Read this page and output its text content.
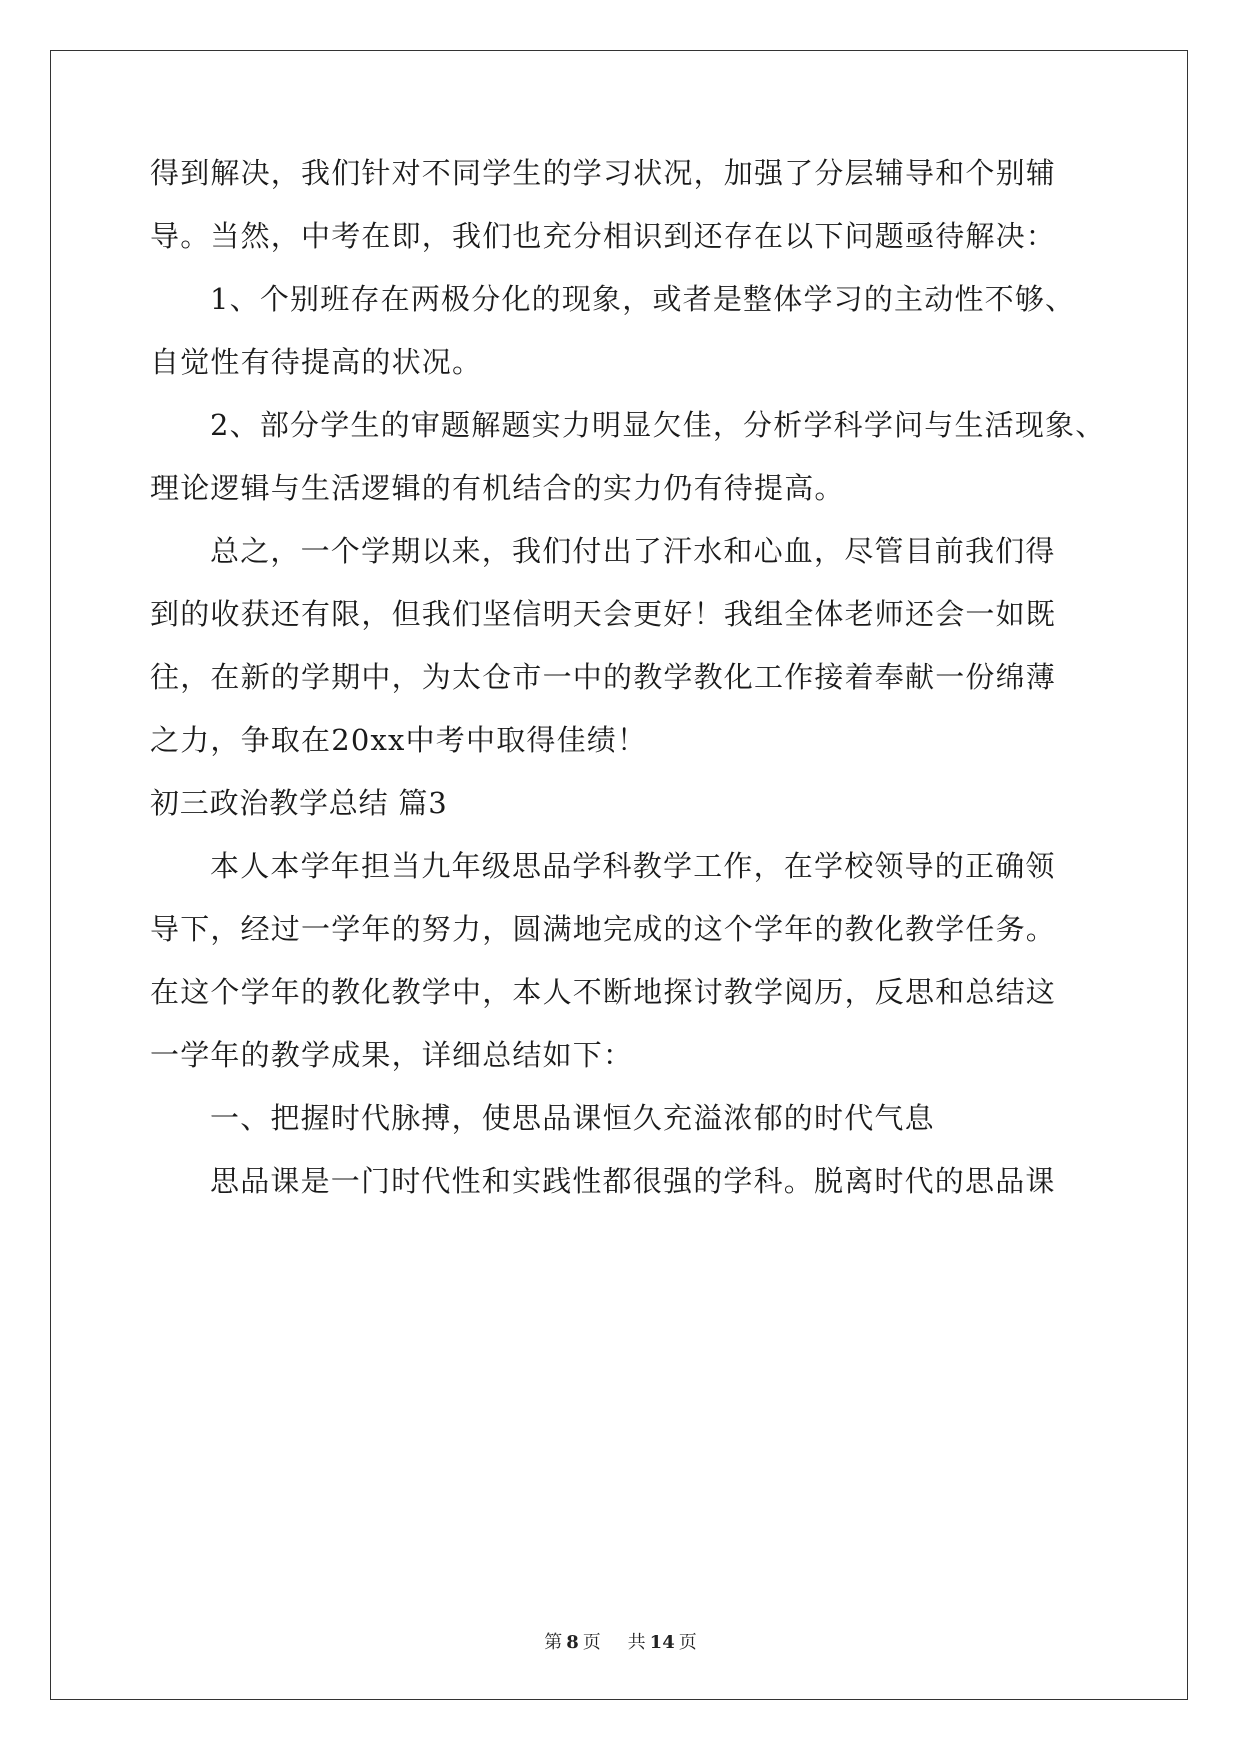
得到解决，我们针对不同学生的学习状况，加强了分层辅导和个别辅
导。当然，中考在即，我们也充分相识到还存在以下问题亟待解决：
1、个别班存在两极分化的现象，或者是整体学习的主动性不够、
自觉性有待提高的状况。
2、部分学生的审题解题实力明显欠佳，分析学科学问与生活现象、
理论逻辑与生活逻辑的有机结合的实力仍有待提高。
总之，一个学期以来，我们付出了汗水和心血，尽管目前我们得
到的收获还有限，但我们坚信明天会更好！我组全体老师还会一如既
往，在新的学期中，为太仓市一中的教学教化工作接着奉献一份绵薄
之力，争取在20xx中考中取得佳绩！
初三政治教学总结 篇3
本人本学年担当九年级思品学科教学工作，在学校领导的正确领
导下，经过一学年的努力，圆满地完成的这个学年的教化教学任务。
在这个学年的教化教学中，本人不断地探讨教学阅历，反思和总结这
一学年的教学成果，详细总结如下：
一、把握时代脉搏，使思品课恒久充溢浓郁的时代气息
思品课是一门时代性和实践性都很强的学科。脱离时代的思品课
第 8 页 共 14 页
